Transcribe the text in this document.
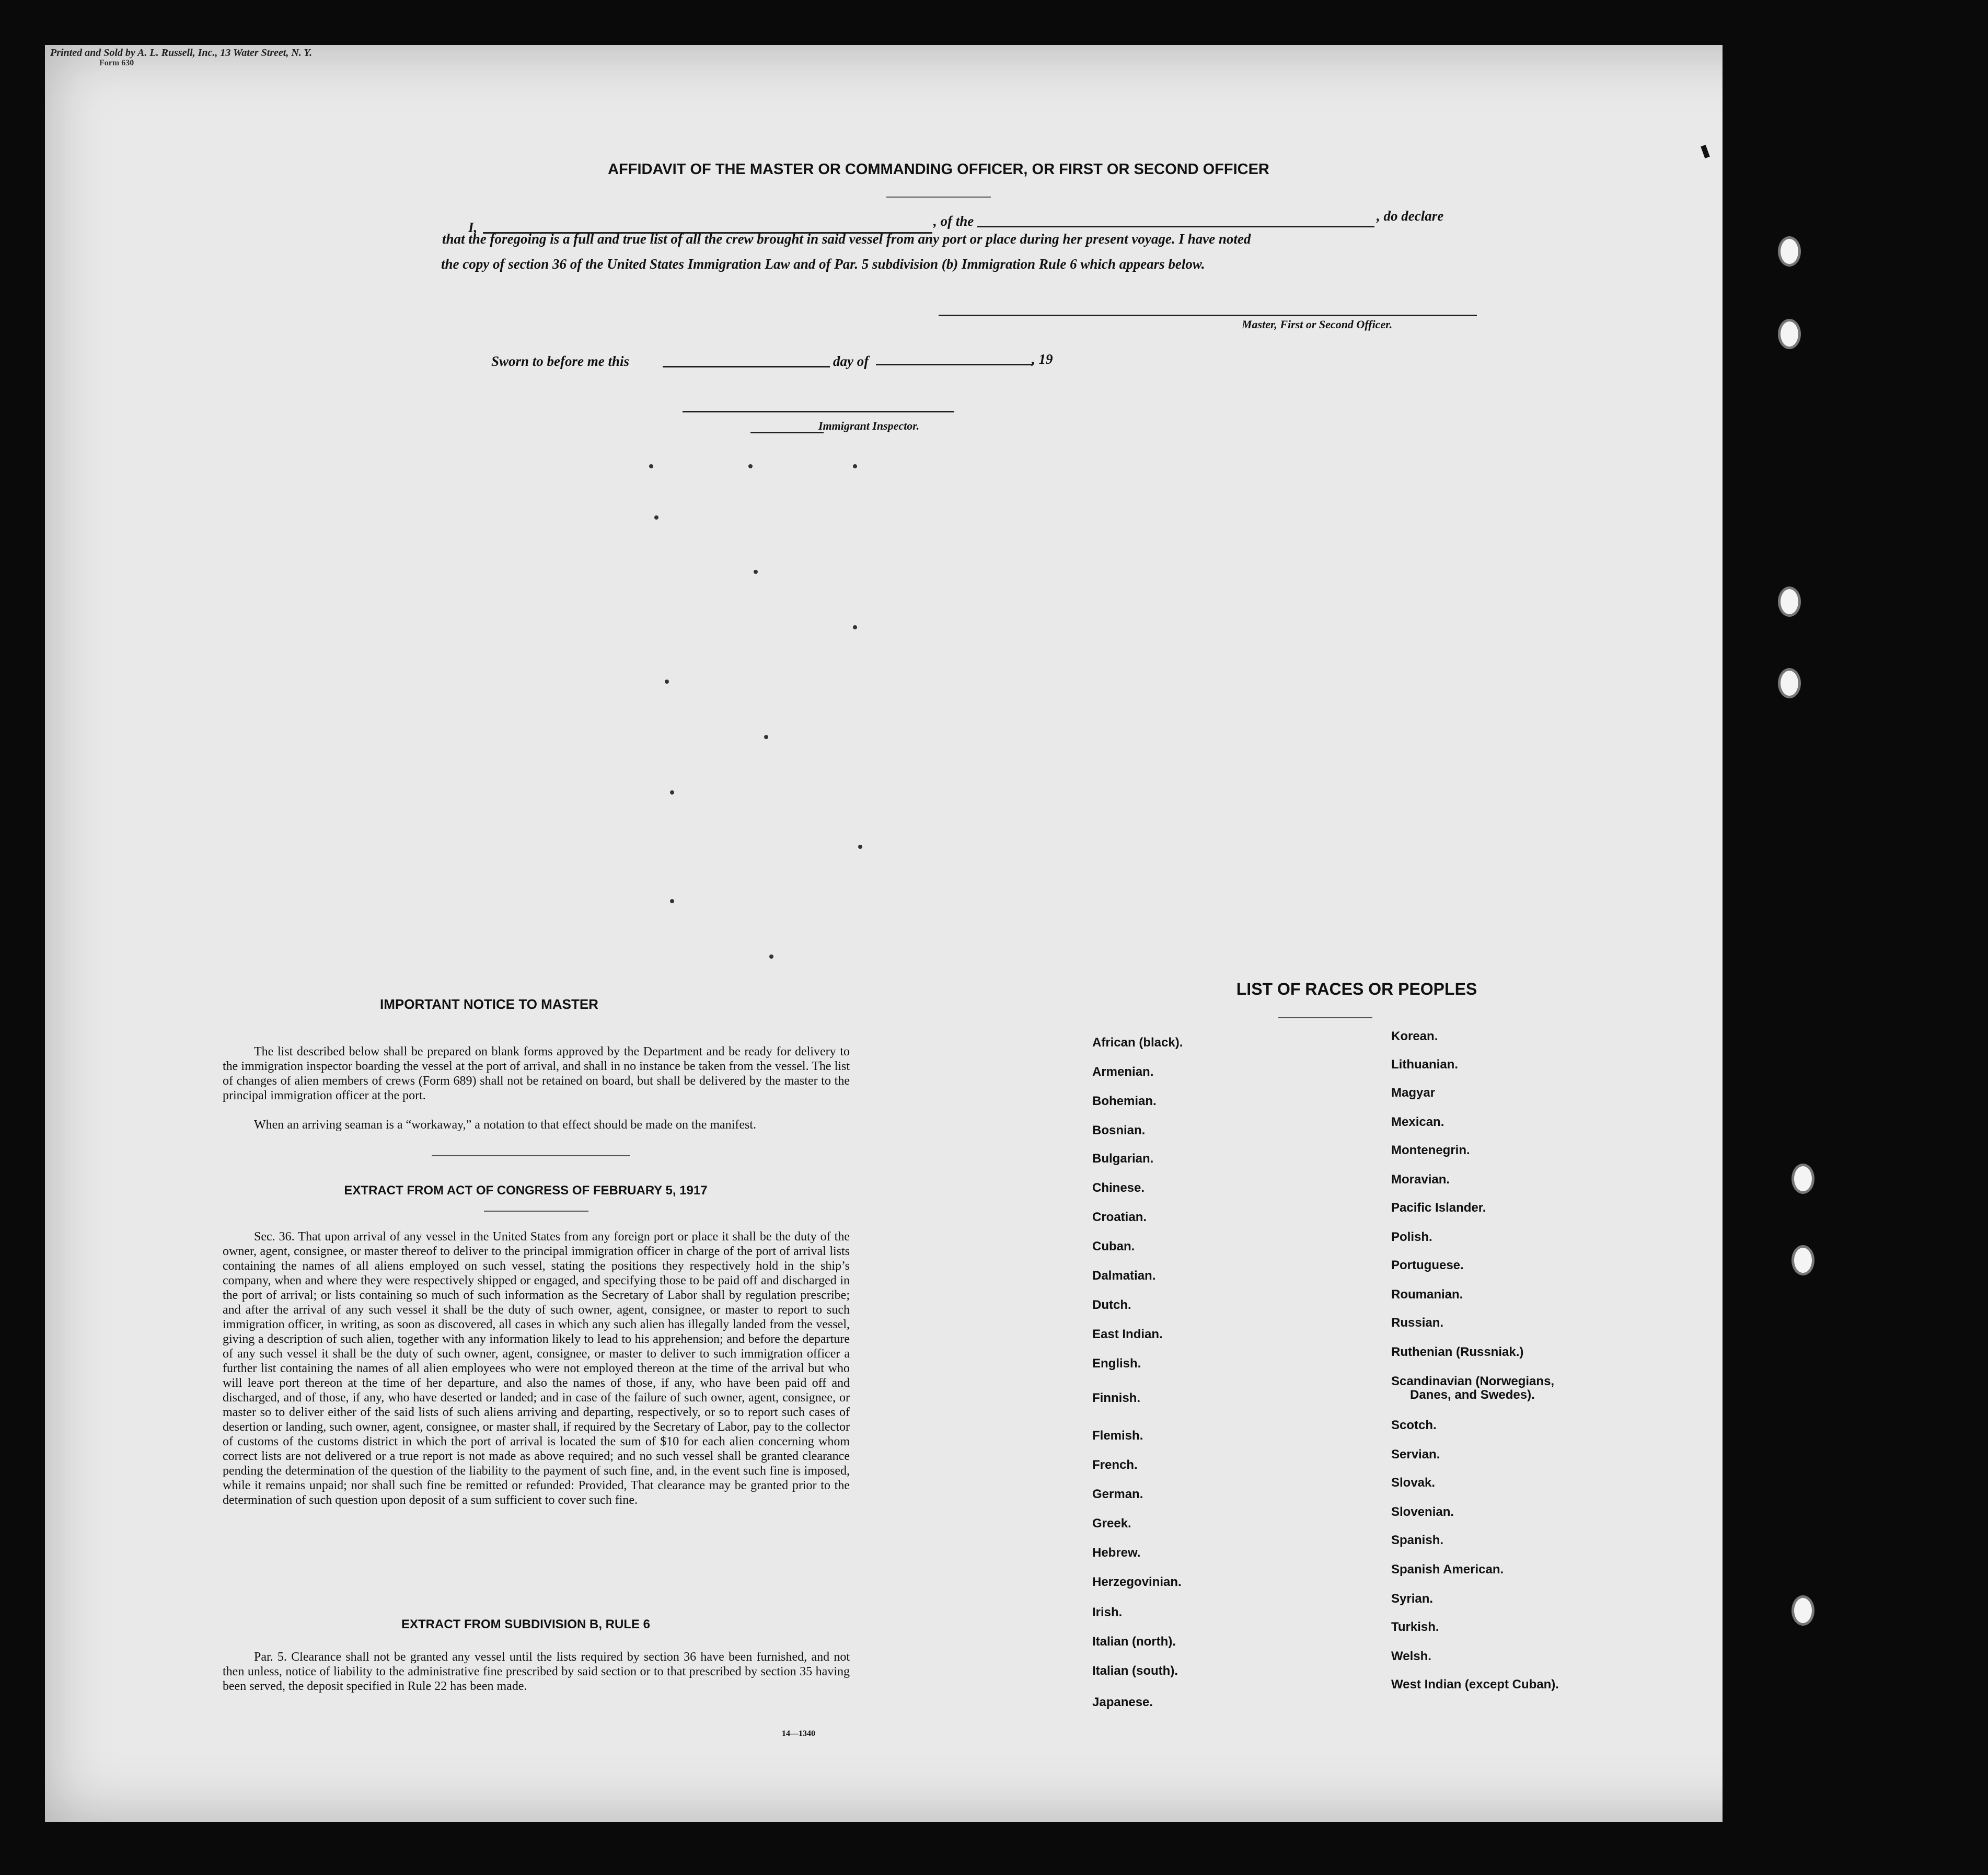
Printed and Sold by A. L. Russell, Inc., 13 Water Street, N. Y.
Form 630
AFFIDAVIT OF THE MASTER OR COMMANDING OFFICER, OR FIRST OR SECOND OFFICER
I,	, of the	, do declare
that the foregoing is a full and true list of all the crew brought in said vessel from any port or place during her present voyage. I have noted
the copy of section 36 of the United States Immigration Law and of Par. 5 subdivision (b) Immigration Rule 6 which appears below.
Master, First or Second Officer.
Sworn to before me this	day of	, 19
Immigrant Inspector.
IMPORTANT NOTICE TO MASTER
The list described below shall be prepared on blank forms approved by the Department and be ready for delivery to the immigration inspector boarding the vessel at the port of arrival, and shall in no instance be taken from the vessel. The list of changes of alien members of crews (Form 689) shall not be retained on board, but shall be delivered by the master to the principal immigration officer at the port.
When an arriving seaman is a “workaway,” a notation to that effect should be made on the manifest.
EXTRACT FROM ACT OF CONGRESS OF FEBRUARY 5, 1917
Sec. 36. That upon arrival of any vessel in the United States from any foreign port or place it shall be the duty of the owner, agent, consignee, or master thereof to deliver to the principal immigration officer in charge of the port of arrival lists containing the names of all aliens employed on such vessel, stating the positions they respectively hold in the ship’s company, when and where they were respectively shipped or engaged, and specifying those to be paid off and discharged in the port of arrival; or lists containing so much of such information as the Secretary of Labor shall by regulation prescribe; and after the arrival of any such vessel it shall be the duty of such owner, agent, consignee, or master to report to such immigration officer, in writing, as soon as discovered, all cases in which any such alien has illegally landed from the vessel, giving a description of such alien, together with any information likely to lead to his apprehension; and before the departure of any such vessel it shall be the duty of such owner, agent, consignee, or master to deliver to such immigration officer a further list containing the names of all alien employees who were not employed thereon at the time of the arrival but who will leave port thereon at the time of her departure, and also the names of those, if any, who have been paid off and discharged, and of those, if any, who have deserted or landed; and in case of the failure of such owner, agent, consignee, or master so to deliver either of the said lists of such aliens arriving and departing, respectively, or so to report such cases of desertion or landing, such owner, agent, consignee, or master shall, if required by the Secretary of Labor, pay to the collector of customs of the customs district in which the port of arrival is located the sum of $10 for each alien concerning whom correct lists are not delivered or a true report is not made as above required; and no such vessel shall be granted clearance pending the determination of the question of the liability to the payment of such fine, and, in the event such fine is imposed, while it remains unpaid; nor shall such fine be remitted or refunded: Provided, That clearance may be granted prior to the determination of such question upon deposit of a sum sufficient to cover such fine.
EXTRACT FROM SUBDIVISION B, RULE 6
Par. 5. Clearance shall not be granted any vessel until the lists required by section 36 have been furnished, and not then unless, notice of liability to the administrative fine prescribed by said section or to that prescribed by section 35 having been served, the deposit specified in Rule 22 has been made.
14—1340
LIST OF RACES OR PEOPLES
African (black).
Armenian.
Bohemian.
Bosnian.
Bulgarian.
Chinese.
Croatian.
Cuban.
Dalmatian.
Dutch.
East Indian.
English.
Finnish.
Flemish.
French.
German.
Greek.
Hebrew.
Herzegovinian.
Irish.
Italian (north).
Italian (south).
Japanese.
Korean.
Lithuanian.
Magyar
Mexican.
Montenegrin.
Moravian.
Pacific Islander.
Polish.
Portuguese.
Roumanian.
Russian.
Ruthenian (Russniak.)
Scandinavian (Norwegians,
Danes, and Swedes).
Scotch.
Servian.
Slovak.
Slovenian.
Spanish.
Spanish American.
Syrian.
Turkish.
Welsh.
West Indian (except Cuban).
